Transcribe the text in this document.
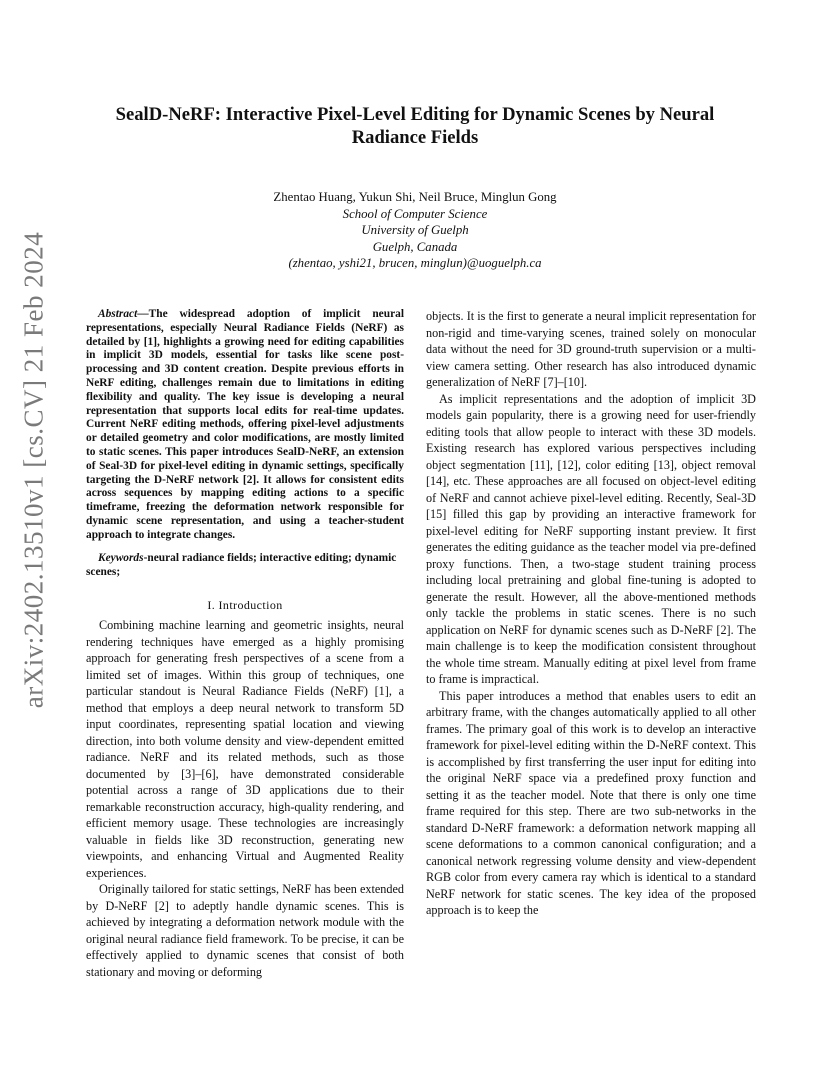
arXiv:2402.13510v1 [cs.CV] 21 Feb 2024
SealD-NeRF: Interactive Pixel-Level Editing for Dynamic Scenes by Neural Radiance Fields
Zhentao Huang, Yukun Shi, Neil Bruce, Minglun Gong
School of Computer Science
University of Guelph
Guelph, Canada
(zhentao, yshi21, brucen, minglun)@uoguelph.ca

Abstract—The widespread adoption of implicit neural representations, especially Neural Radiance Fields (NeRF) as detailed by [1], highlights a growing need for editing capabilities in implicit 3D models, essential for tasks like scene post-processing and 3D content creation. Despite previous efforts in NeRF editing, challenges remain due to limitations in editing flexibility and quality. The key issue is developing a neural representation that supports local edits for real-time updates. Current NeRF editing methods, offering pixel-level adjustments or detailed geometry and color modifications, are mostly limited to static scenes. This paper introduces SealD-NeRF, an extension of Seal-3D for pixel-level editing in dynamic settings, specifically targeting the D-NeRF network [2]. It allows for consistent edits across sequences by mapping editing actions to a specific timeframe, freezing the deformation network responsible for dynamic scene representation, and using a teacher-student approach to integrate changes.

Keywords-neural radiance fields; interactive editing; dynamic scenes;

I. Introduction

Combining machine learning and geometric insights, neural rendering techniques have emerged as a highly promising approach for generating fresh perspectives of a scene from a limited set of images. Within this group of techniques, one particular standout is Neural Radiance Fields (NeRF) [1], a method that employs a deep neural network to transform 5D input coordinates, representing spatial location and viewing direction, into both volume density and view-dependent emitted radiance. NeRF and its related methods, such as those documented by [3]–[6], have demonstrated considerable potential across a range of 3D applications due to their remarkable reconstruction accuracy, high-quality rendering, and efficient memory usage. These technologies are increasingly valuable in fields like 3D reconstruction, generating new viewpoints, and enhancing Virtual and Augmented Reality experiences.

Originally tailored for static settings, NeRF has been extended by D-NeRF [2] to adeptly handle dynamic scenes. This is achieved by integrating a deformation network module with the original neural radiance field framework. To be precise, it can be effectively applied to dynamic scenes that consist of both stationary and moving or deforming

objects. It is the first to generate a neural implicit representation for non-rigid and time-varying scenes, trained solely on monocular data without the need for 3D ground-truth supervision or a multi-view camera setting. Other research has also introduced dynamic generalization of NeRF [7]–[10].

As implicit representations and the adoption of implicit 3D models gain popularity, there is a growing need for user-friendly editing tools that allow people to interact with these 3D models. Existing research has explored various perspectives including object segmentation [11], [12], color editing [13], object removal [14], etc. These approaches are all focused on object-level editing of NeRF and cannot achieve pixel-level editing. Recently, Seal-3D [15] filled this gap by providing an interactive framework for pixel-level editing for NeRF supporting instant preview. It first generates the editing guidance as the teacher model via pre-defined proxy functions. Then, a two-stage student training process including local pretraining and global fine-tuning is adopted to generate the result. However, all the above-mentioned methods only tackle the problems in static scenes. There is no such application on NeRF for dynamic scenes such as D-NeRF [2]. The main challenge is to keep the modification consistent throughout the whole time stream. Manually editing at pixel level from frame to frame is impractical.

This paper introduces a method that enables users to edit an arbitrary frame, with the changes automatically applied to all other frames. The primary goal of this work is to develop an interactive framework for pixel-level editing within the D-NeRF context. This is accomplished by first transferring the user input for editing into the original NeRF space via a predefined proxy function and setting it as the teacher model. Note that there is only one time frame required for this step. There are two sub-networks in the standard D-NeRF framework: a deformation network mapping all scene deformations to a common canonical configuration; and a canonical network regressing volume density and view-dependent RGB color from every camera ray which is identical to a standard NeRF network for static scenes. The key idea of the proposed approach is to keep the
